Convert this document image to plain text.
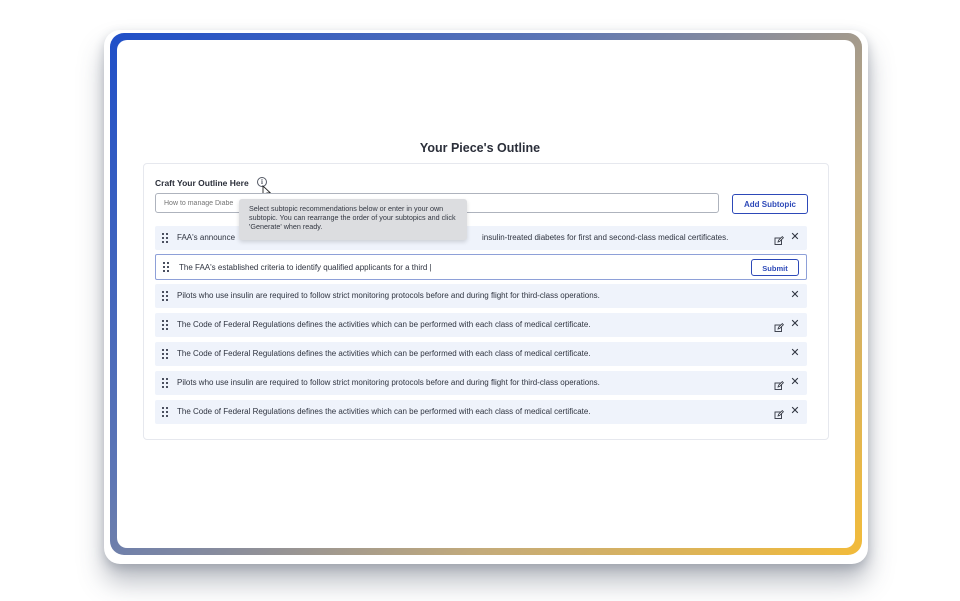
Your Piece's Outline
Craft Your Outline Here	i
How to manage Diabe
Add Subtopic
Select subtopic recommendations below or enter in your own subtopic. You can rearrange the order of your subtopics and click 'Generate' when ready.
FAA's announce	insulin-treated diabetes for first and second-class medical certificates.	✕
The FAA's established criteria to identify qualified applicants for a third |	Submit
Pilots who use insulin are required to follow strict monitoring protocols before and during flight for third-class operations.	✕
The Code of Federal Regulations defines the activities which can be performed with each class of medical certificate.	✕
The Code of Federal Regulations defines the activities which can be performed with each class of medical certificate.	✕
Pilots who use insulin are required to follow strict monitoring protocols before and during flight for third-class operations.	✕
The Code of Federal Regulations defines the activities which can be performed with each class of medical certificate.	✕
